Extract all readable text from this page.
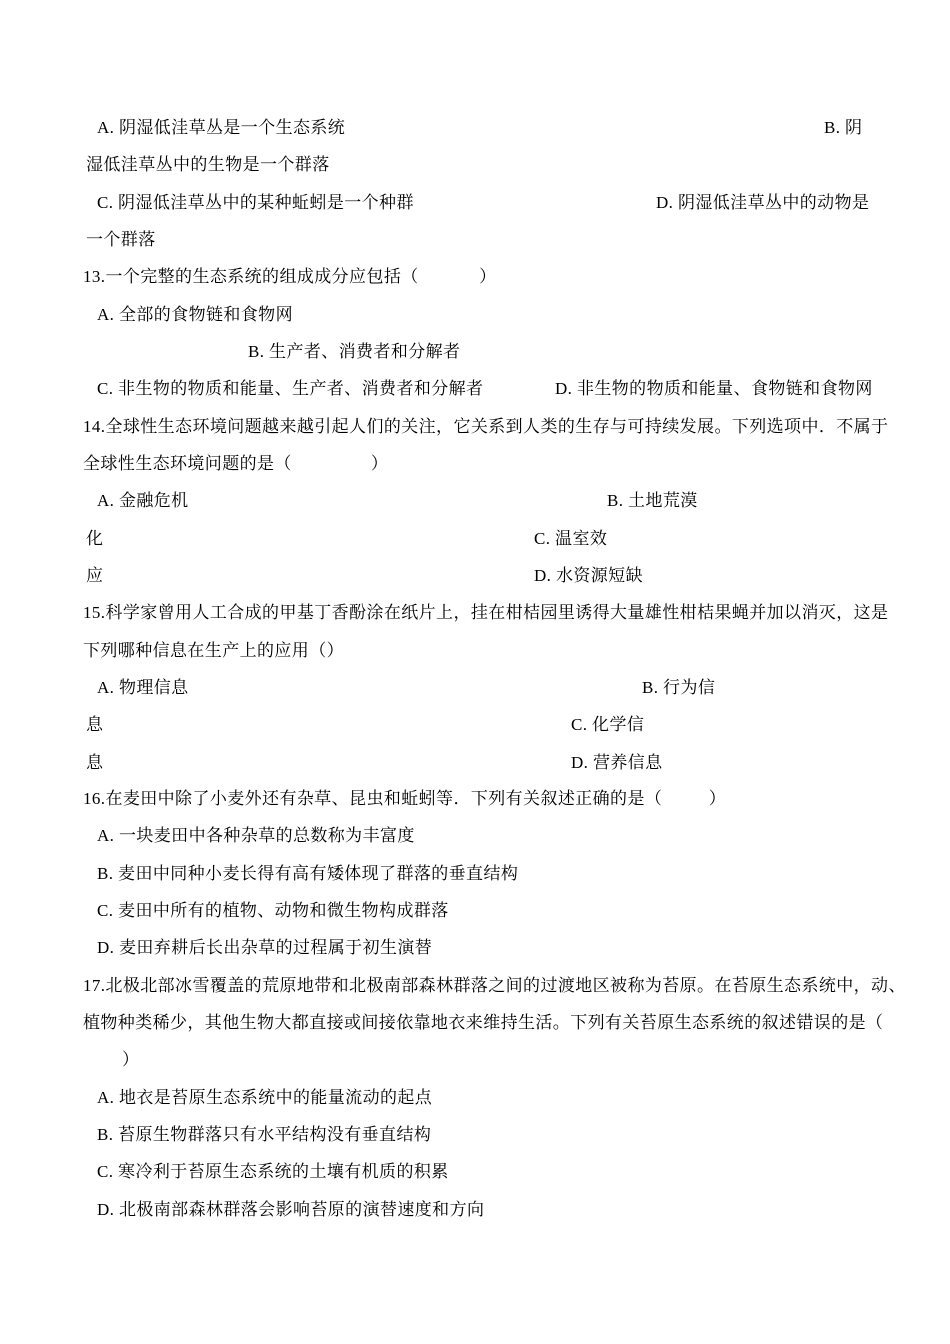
A. 阴湿低洼草丛是一个生态系统	B. 阴
湿低洼草丛中的生物是一个群落
C. 阴湿低洼草丛中的某种蚯蚓是一个种群	D. 阴湿低洼草丛中的动物是
一个群落
13.一个完整的生态系统的组成成分应包括（             ）
A. 全部的食物链和食物网
B. 生产者、消费者和分解者
C. 非生物的物质和能量、生产者、消费者和分解者	D. 非生物的物质和能量、食物链和食物网
14.全球性生态环境问题越来越引起人们的关注，它关系到人类的生存与可持续发展。下列选项中．不属于
全球性生态环境问题的是（                 ）
A. 金融危机	B. 土地荒漠
化	C. 温室效
应	D. 水资源短缺
15.科学家曾用人工合成的甲基丁香酚涂在纸片上，挂在柑桔园里诱得大量雄性柑桔果蝇并加以消灭，这是
下列哪种信息在生产上的应用（）
A. 物理信息	B. 行为信
息	C. 化学信
息	D. 营养信息
16.在麦田中除了小麦外还有杂草、昆虫和蚯蚓等．下列有关叙述正确的是（          ）
A. 一块麦田中各种杂草的总数称为丰富度
B. 麦田中同种小麦长得有高有矮体现了群落的垂直结构
C. 麦田中所有的植物、动物和微生物构成群落
D. 麦田弃耕后长出杂草的过程属于初生演替
17.北极北部冰雪覆盖的荒原地带和北极南部森林群落之间的过渡地区被称为苔原。在苔原生态系统中，动、
植物种类稀少，其他生物大都直接或间接依靠地衣来维持生活。下列有关苔原生态系统的叙述错误的是（
）
A. 地衣是苔原生态系统中的能量流动的起点
B. 苔原生物群落只有水平结构没有垂直结构
C. 寒冷利于苔原生态系统的土壤有机质的积累
D. 北极南部森林群落会影响苔原的演替速度和方向
